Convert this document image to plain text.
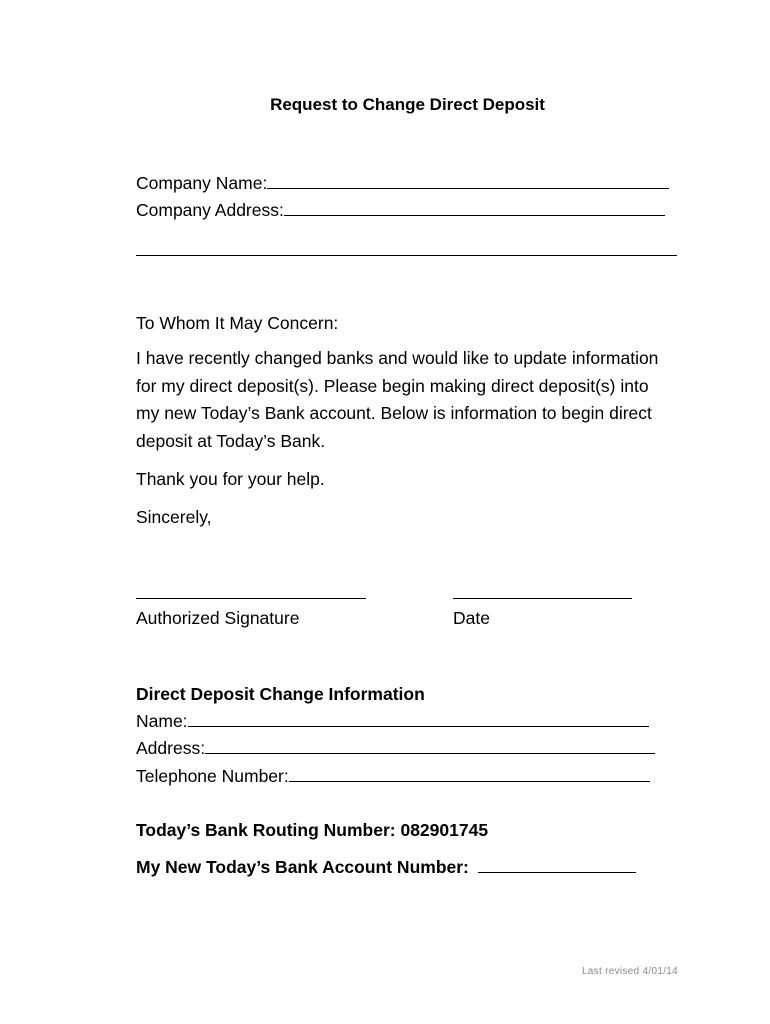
Request to Change Direct Deposit
Company Name:
Company Address:
To Whom It May Concern:
I have recently changed banks and would like to update information for my direct deposit(s). Please begin making direct deposit(s) into my new Today’s Bank account. Below is information to begin direct deposit at Today’s Bank.
Thank you for your help.
Sincerely,
Authorized Signature	Date
Direct Deposit Change Information
Name:
Address:
Telephone Number:
Today’s Bank Routing Number: 082901745
My New Today’s Bank Account Number:
Last revised 4/01/14
